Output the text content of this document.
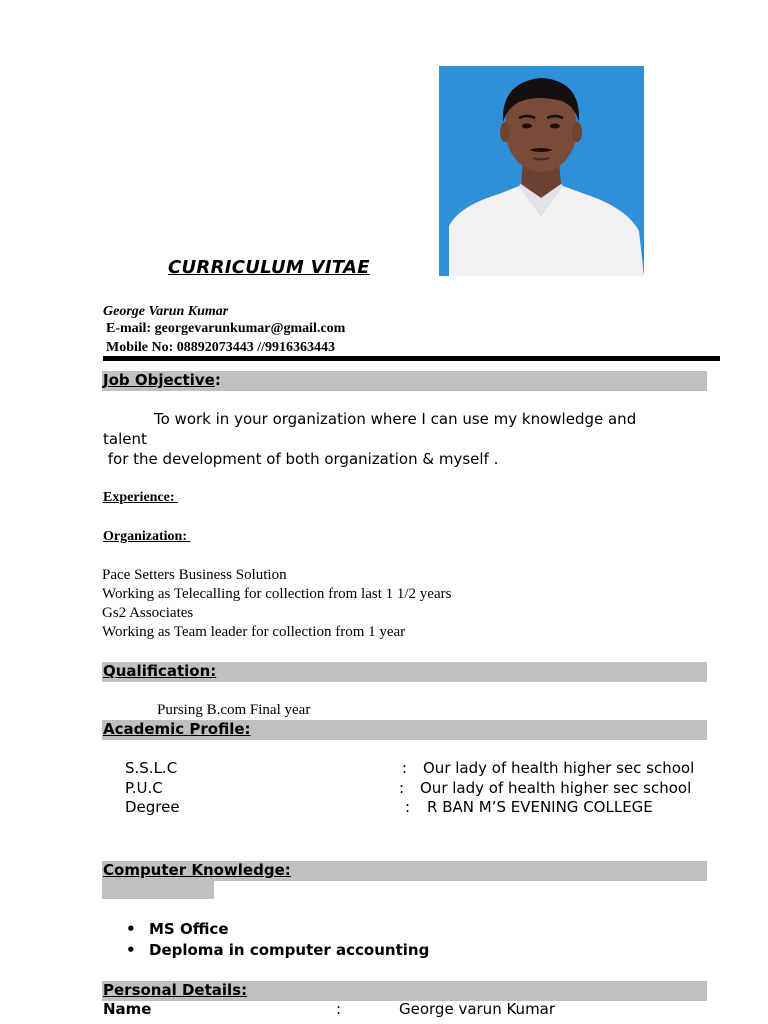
CURRICULUM VITAE
George Varun Kumar
E-mail: georgevarunkumar@gmail.com
Mobile No: 08892073443 //9916363443
Job Objective:
To work in your organization where I can use my knowledge and
talent
for the development of both organization & myself .
Experience:
Organization:
Pace Setters Business Solution
Working as Telecalling for collection from last 1 1/2 years
Gs2 Associates
Working as Team leader for collection from 1 year
Qualification:
Pursing B.com Final year
Academic Profile:
S.S.L.C	: Our lady of health higher sec school
P.U.C	: Our lady of health higher sec school
Degree	: R BAN M’S EVENING COLLEGE
Computer Knowledge:
• MS Office
• Deploma in computer accounting
Personal Details:
Name	:	George varun Kumar
